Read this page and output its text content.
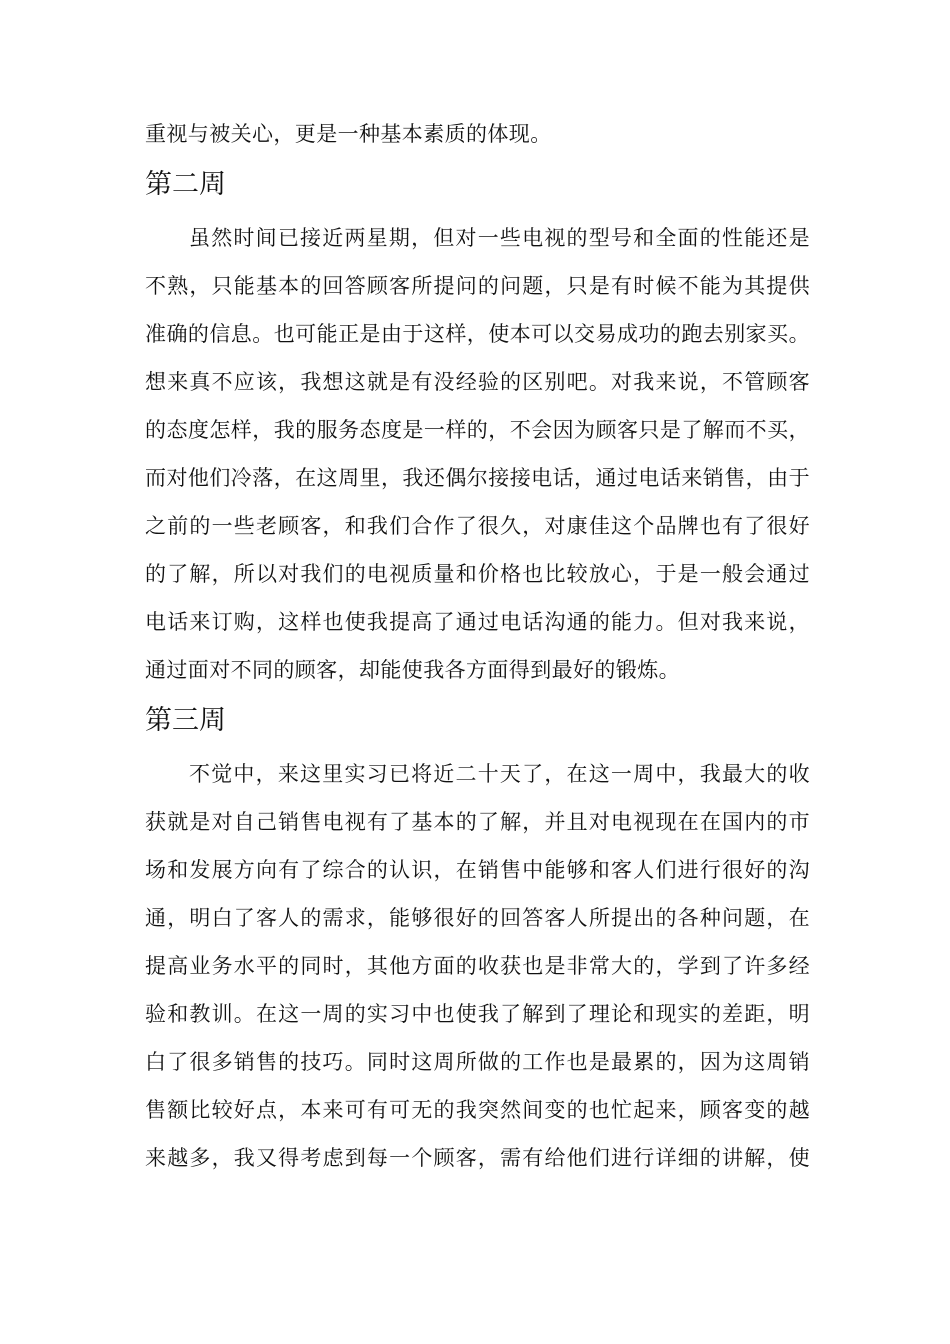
重视与被关心，更是一种基本素质的体现。
第二周
虽然时间已接近两星期，但对一些电视的型号和全面的性能还是
不熟，只能基本的回答顾客所提问的问题，只是有时候不能为其提供
准确的信息。也可能正是由于这样，使本可以交易成功的跑去别家买。
想来真不应该，我想这就是有没经验的区别吧。对我来说，不管顾客
的态度怎样，我的服务态度是一样的，不会因为顾客只是了解而不买，
而对他们冷落，在这周里，我还偶尔接接电话，通过电话来销售，由于
之前的一些老顾客，和我们合作了很久，对康佳这个品牌也有了很好
的了解，所以对我们的电视质量和价格也比较放心，于是一般会通过
电话来订购，这样也使我提高了通过电话沟通的能力。但对我来说，
通过面对不同的顾客，却能使我各方面得到最好的锻炼。
第三周
不觉中，来这里实习已将近二十天了，在这一周中，我最大的收
获就是对自己销售电视有了基本的了解，并且对电视现在在国内的市
场和发展方向有了综合的认识，在销售中能够和客人们进行很好的沟
通，明白了客人的需求，能够很好的回答客人所提出的各种问题，在
提高业务水平的同时，其他方面的收获也是非常大的，学到了许多经
验和教训。在这一周的实习中也使我了解到了理论和现实的差距，明
白了很多销售的技巧。同时这周所做的工作也是最累的，因为这周销
售额比较好点，本来可有可无的我突然间变的也忙起来，顾客变的越
来越多，我又得考虑到每一个顾客，需有给他们进行详细的讲解，使
